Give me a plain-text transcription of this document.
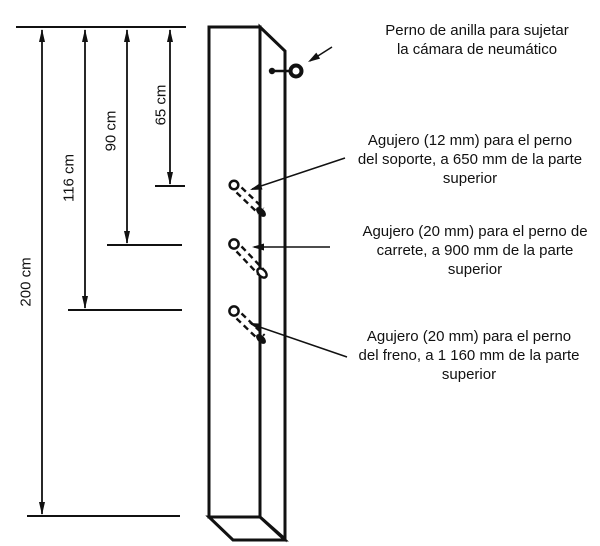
200 cm
116 cm
90 cm
65 cm
Perno de anilla para sujetar
la cámara de neumático
Agujero (12 mm) para el perno
del soporte, a 650 mm de la parte
superior
Agujero (20 mm) para el perno de
carrete, a 900 mm de la parte
superior
Agujero (20 mm) para el perno
del freno, a 1 160 mm de la parte
superior
